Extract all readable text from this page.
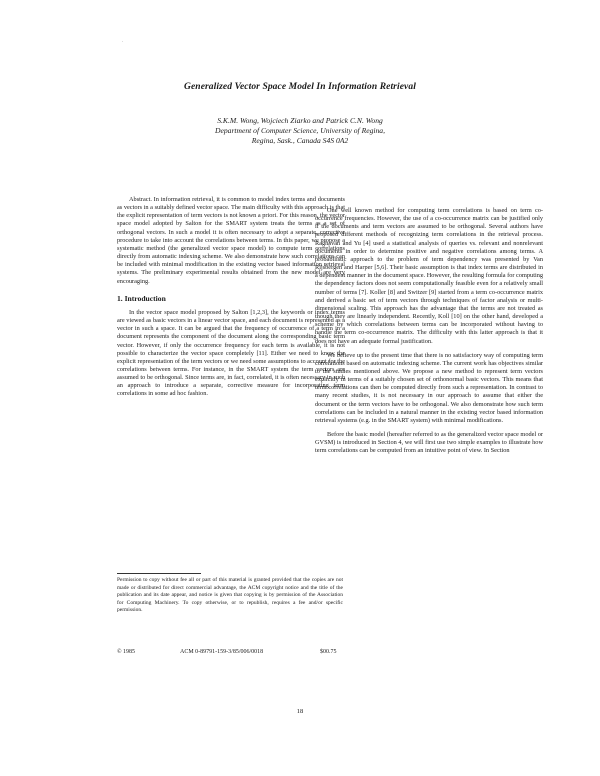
·
Generalized Vector Space Model In Information Retrieval
S.K.M. Wong, Wojciech Ziarko and Patrick C.N. Wong
Department of Computer Science, University of Regina,
Regina, Sask., Canada S4S 0A2

Abstract. In information retrieval, it is common to model index terms and documents as vectors in a suitably defined vector space. The main difficulty with this approach is that the explicit representation of term vectors is not known a priori. For this reason, the vector space model adopted by Salton for the SMART system treats the terms as a set of orthogonal vectors. In such a model it is often necessary to adopt a separate, corrective procedure to take into account the correlations between terms. In this paper, we propose a systematic method (the generalized vector space model) to compute term correlations directly from automatic indexing scheme. We also demonstrate how such correlations can be included with minimal modification in the existing vector based information retrieval systems. The preliminary experimental results obtained from the new model are very encouraging.

1. Introduction

In the vector space model proposed by Salton [1,2,3], the keywords or index terms are viewed as basic vectors in a linear vector space, and each document is represented as a vector in such a space. It can be argued that the frequency of occurrence of a term in a document represents the component of the document along the corresponding basic term vector. However, if only the occurrence frequency for each term is available, it is not possible to characterize the vector space completely [11]. Either we need to know the explicit representation of the term vectors or we need some assumptions to account for the correlations between terms. For instance, in the SMART system the term vectors are assumed to be orthogonal. Since terms are, in fact, correlated, it is often necessary in such an approach to introduce a separate, corrective measure for incorporating term correlations in some ad hoc fashion.

Permission to copy without fee all or part of this material is granted provided that the copies are not made or distributed for direct commercial advantage, the ACM copyright notice and the title of the publication and its date appear, and notice is given that copying is by permission of the Association for Computing Machinery. To copy otherwise, or to republish, requires a fee and/or specific permission.
© 1985	ACM 0-89791-159-3/85/006/0018	$00.75

One well known method for computing term correlations is based on term co-occurrence frequencies. However, the use of a co-occurrence matrix can be justified only if the documents and term vectors are assumed to be orthogonal. Several authors have proposed different methods of recognizing term correlations in the retrieval process. Raghavan and Yu [4] used a statistical analysis of queries vs. relevant and nonrelevant documents in order to determine positive and negative correlations among terms. A probabilistic approach to the problem of term dependency was presented by Van Rijsbergen and Harper [5,6]. Their basic assumption is that index terms are distributed in a dependent manner in the document space. However, the resulting formula for computing the dependency factors does not seem computationally feasible even for a relatively small number of terms [7]. Koller [8] and Switzer [9] started from a term co-occurrence matrix and derived a basic set of term vectors through techniques of factor analysis or multi-dimensional scaling. This approach has the advantage that the terms are not treated as though they are linearly independent. Recently, Koll [10] on the other hand, developed a scheme by which correlations between terms can be incorporated without having to handle the term co-occurrence matrix. The difficulty with this latter approach is that it does not have an adequate formal justification.

We believe up to the present time that there is no satisfactory way of computing term correlations based on automatic indexing scheme. The current work has objectives similar to the studies mentioned above. We propose a new method to represent term vectors explicitly in terms of a suitably chosen set of orthonormal basic vectors. This means that term correlations can then be computed directly from such a representation. In contrast to many recent studies, it is not necessary in our approach to assume that either the document or the term vectors have to be orthogonal. We also demonstrate how such term correlations can be included in a natural manner in the existing vector based information retrieval systems (e.g. in the SMART system) with minimal modifications.

Before the basic model (hereafter referred to as the generalized vector space model or GVSM) is introduced in Section 4, we will first use two simple examples to illustrate how term correlations can be computed from an intuitive point of view. In Section

18
